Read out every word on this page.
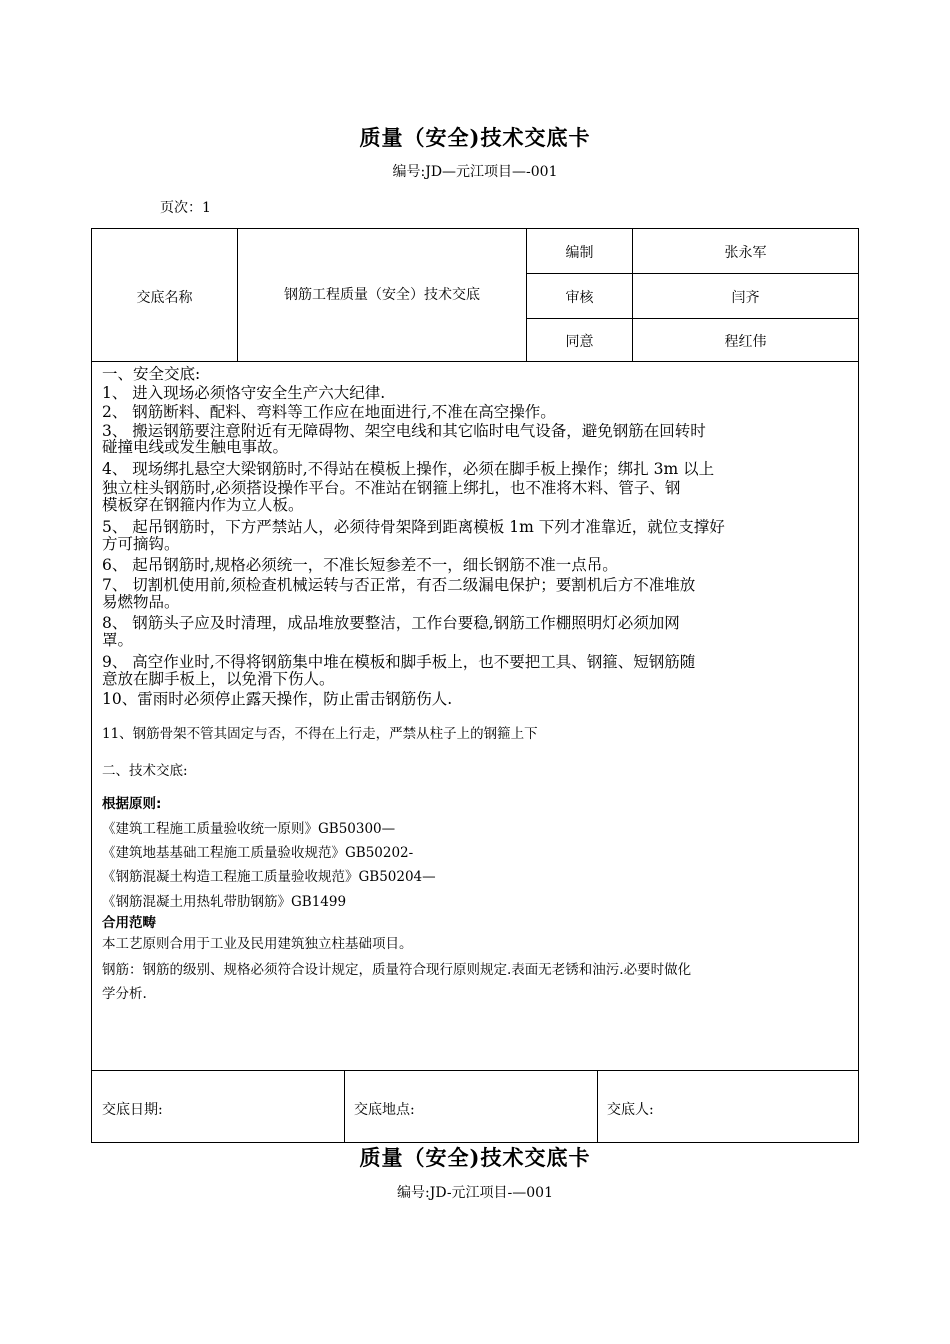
质量（安全)技术交底卡
编号:JD—元江项目—-001
页次：1
交底名称	钢筋工程质量（安全）技术交底
编制	张永军
审核	闫齐
同意	程红伟
一、安全交底:
1、 进入现场必须恪守安全生产六大纪律.
2、 钢筋断料、配料、弯料等工作应在地面进行,不准在高空操作。
3、 搬运钢筋要注意附近有无障碍物、架空电线和其它临时电气设备，避免钢筋在回转时
碰撞电线或发生触电事故。
4、 现场绑扎悬空大梁钢筋时,不得站在模板上操作，必须在脚手板上操作；绑扎 3m 以上
独立柱头钢筋时,必须搭设操作平台。不准站在钢箍上绑扎，也不准将木料、管子、钢
模板穿在钢箍内作为立人板。
5、 起吊钢筋时，下方严禁站人，必须待骨架降到距离模板 1m 下列才准靠近，就位支撑好
方可摘钩。
6、 起吊钢筋时,规格必须统一，不准长短参差不一，细长钢筋不准一点吊。
7、 切割机使用前,须检查机械运转与否正常，有否二级漏电保护；要割机后方不准堆放
易燃物品。
8、 钢筋头子应及时清理，成品堆放要整洁，工作台要稳,钢筋工作棚照明灯必须加网
罩。
9、 高空作业时,不得将钢筋集中堆在模板和脚手板上，也不要把工具、钢箍、短钢筋随
意放在脚手板上，以免滑下伤人。
10、雷雨时必须停止露天操作，防止雷击钢筋伤人.
11、钢筋骨架不管其固定与否，不得在上行走，严禁从柱子上的钢箍上下
二、技术交底:
根据原则:
《建筑工程施工质量验收统一原则》GB50300—
《建筑地基基础工程施工质量验收规范》GB50202-
《钢筋混凝土构造工程施工质量验收规范》GB50204—
《钢筋混凝土用热轧带肋钢筋》GB1499
合用范畴
本工艺原则合用于工业及民用建筑独立柱基础项目。
钢筋：钢筋的级别、规格必须符合设计规定，质量符合现行原则规定.表面无老锈和油污.必要时做化
学分析.
交底日期:	交底地点:	交底人:
质量（安全)技术交底卡
编号:JD-元江项目-—001
